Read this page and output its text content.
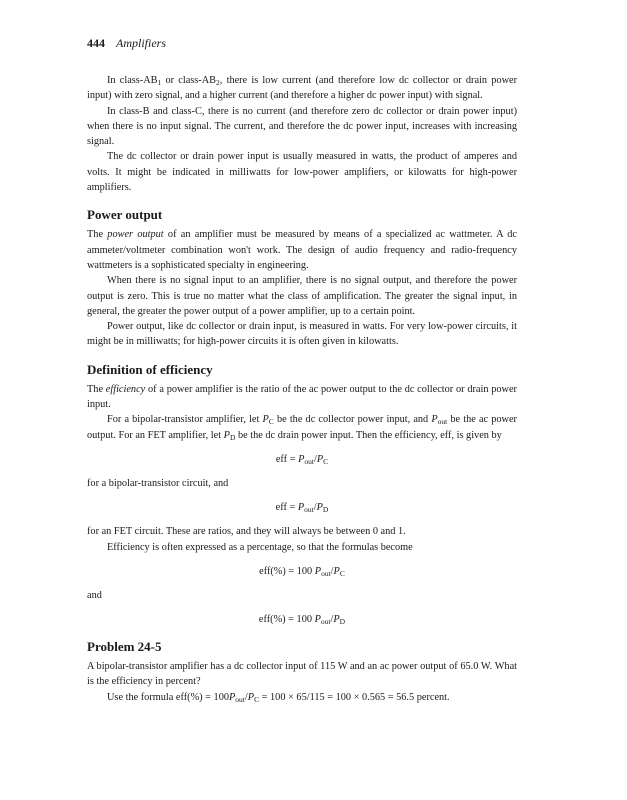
444 Amplifiers

In class-$AB_1$ or class-$AB_2$, there is low current (and therefore low dc collector or drain power input) with zero signal, and a higher current (and therefore a higher dc power input) with signal.

In class-B and class-C, there is no current (and therefore zero dc collector or drain power input) when there is no input signal. The current, and therefore the dc power input, increases with increasing signal.

The dc collector or drain power input is usually measured in watts, the product of amperes and volts. It might be indicated in milliwatts for low-power amplifiers, or kilowatts for high-power amplifiers.

Power output

The power output of an amplifier must be measured by means of a specialized ac wattmeter. A dc ammeter/voltmeter combination won't work. The design of audio frequency and radio-frequency wattmeters is a sophisticated specialty in engineering.

When there is no signal input to an amplifier, there is no signal output, and therefore the power output is zero. This is true no matter what the class of amplification. The greater the signal input, in general, the greater the power output of a power amplifier, up to a certain point.

Power output, like dc collector or drain input, is measured in watts. For very low-power circuits, it might be in milliwatts; for high-power circuits it is often given in kilowatts.

Definition of efficiency

The efficiency of a power amplifier is the ratio of the ac power output to the dc collector or drain power input.

For a bipolar-transistor amplifier, let $P_C$ be the dc collector power input, and $P_{out}$ be the ac power output. For an FET amplifier, let $P_D$ be the dc drain power input. Then the efficiency, eff, is given by

eff = $P_{out}/P_C$

for a bipolar-transistor circuit, and

eff = $P_{out}/P_D$

for an FET circuit. These are ratios, and they will always be between 0 and 1.

Efficiency is often expressed as a percentage, so that the formulas become

eff(%) = 100 $P_{out}/P_C$

and

eff(%) = 100 $P_{out}/P_D$
Problem 24-5

A bipolar-transistor amplifier has a dc collector input of 115 W and an ac power output of 65.0 W. What is the efficiency in percent?

Use the formula $eff(\%) = 100P_{out}/P_C = 100 \times 65/115 = 100 \times 0.565 = 56.5$ percent.
